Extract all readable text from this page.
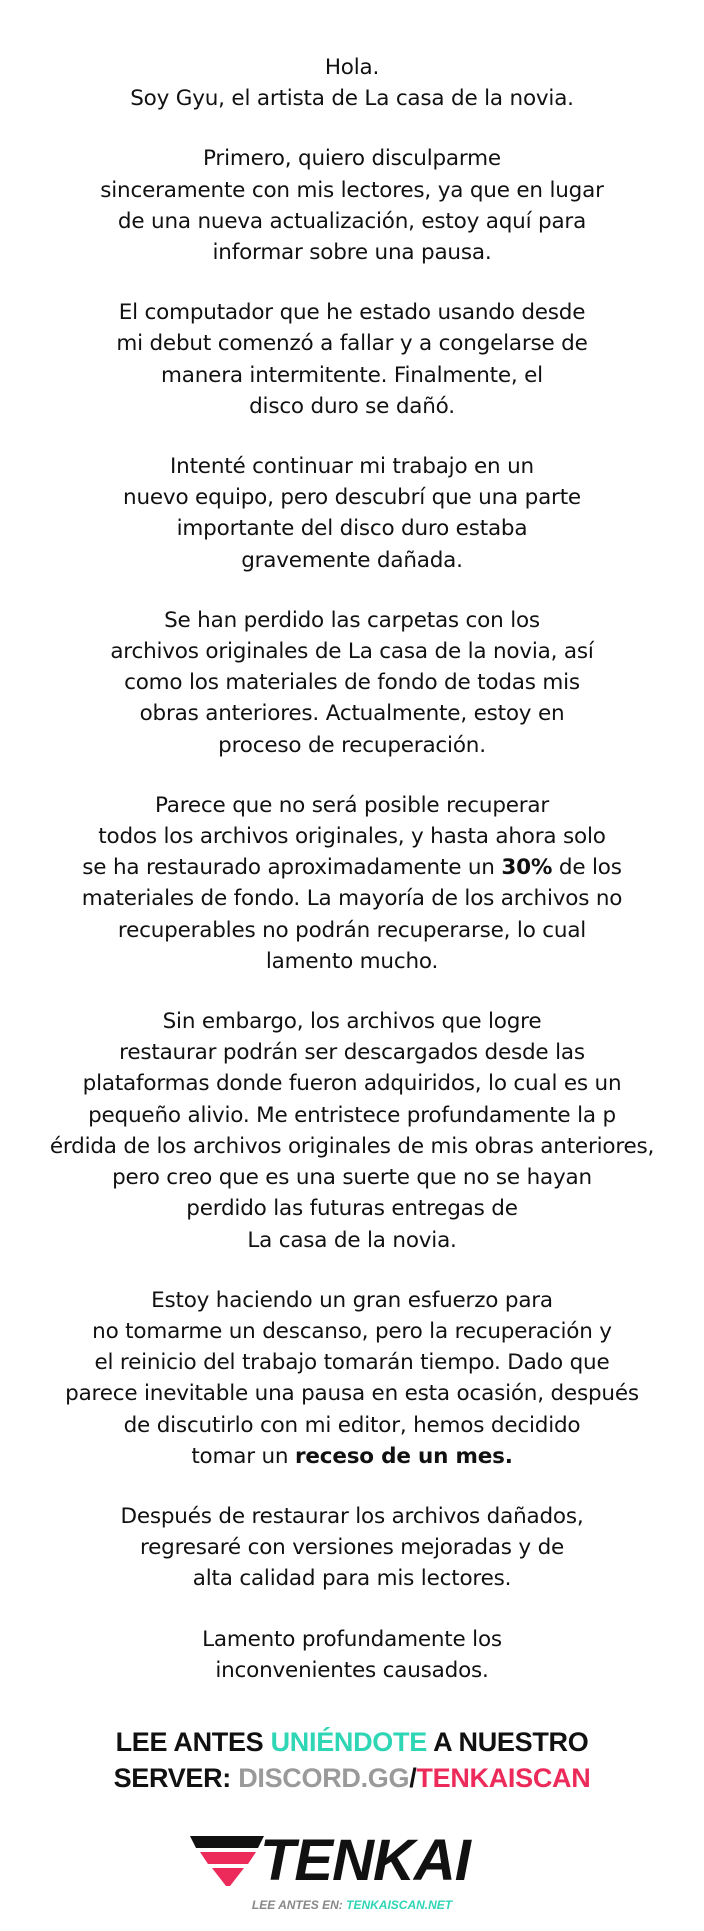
Hola.
Soy Gyu, el artista de La casa de la novia.
Primero, quiero disculparme
sinceramente con mis lectores, ya que en lugar
de una nueva actualización, estoy aquí para
informar sobre una pausa.
El computador que he estado usando desde
mi debut comenzó a fallar y a congelarse de
manera intermitente. Finalmente, el
disco duro se dañó.
Intenté continuar mi trabajo en un
nuevo equipo, pero descubrí que una parte
importante del disco duro estaba
gravemente dañada.
Se han perdido las carpetas con los
archivos originales de La casa de la novia, así
como los materiales de fondo de todas mis
obras anteriores. Actualmente, estoy en
proceso de recuperación.
Parece que no será posible recuperar
todos los archivos originales, y hasta ahora solo
se ha restaurado aproximadamente un 30% de los
materiales de fondo. La mayoría de los archivos no
recuperables no podrán recuperarse, lo cual
lamento mucho.
Sin embargo, los archivos que logre
restaurar podrán ser descargados desde las
plataformas donde fueron adquiridos, lo cual es un
pequeño alivio. Me entristece profundamente la p
érdida de los archivos originales de mis obras anteriores,
pero creo que es una suerte que no se hayan
perdido las futuras entregas de
La casa de la novia.
Estoy haciendo un gran esfuerzo para
no tomarme un descanso, pero la recuperación y
el reinicio del trabajo tomarán tiempo. Dado que
parece inevitable una pausa en esta ocasión, después
de discutirlo con mi editor, hemos decidido
tomar un receso de un mes.
Después de restaurar los archivos dañados,
regresaré con versiones mejoradas y de
alta calidad para mis lectores.
Lamento profundamente los
inconvenientes causados.
LEE ANTES UNIÉNDOTE A NUESTRO
SERVER: DISCORD.GG/TENKAISCAN
TENKAI
LEE ANTES EN: TENKAISCAN.NET
